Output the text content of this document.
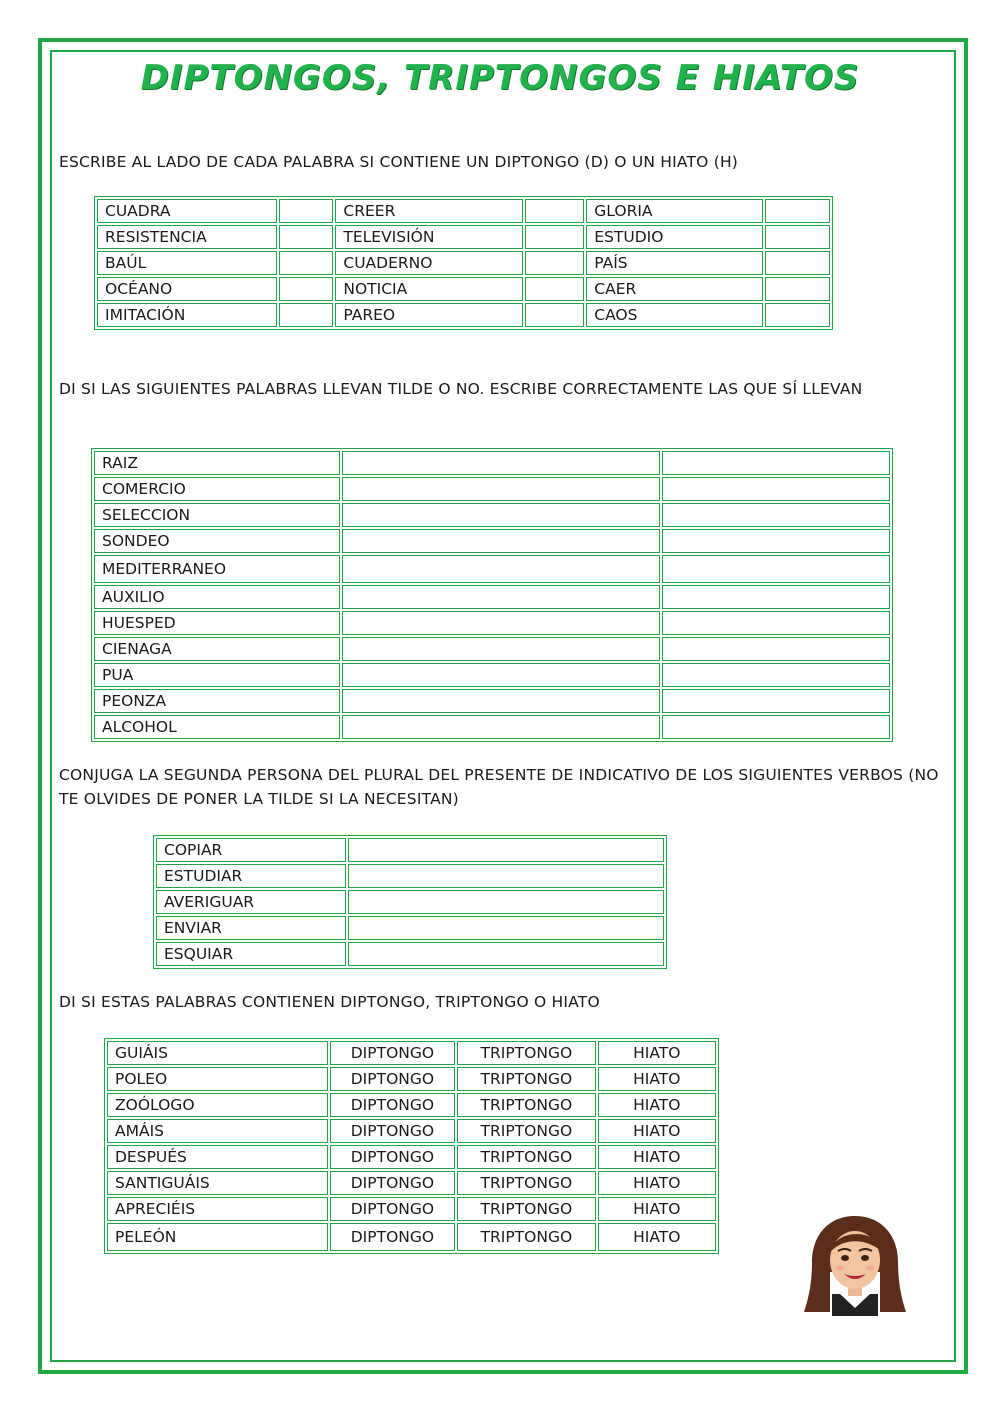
DIPTONGOS, TRIPTONGOS E HIATOS
ESCRIBE AL LADO DE CADA PALABRA SI CONTIENE UN DIPTONGO (D) O UN HIATO (H)
CUADRA		CREER		GLORIA	
RESISTENCIA		TELEVISIÓN		ESTUDIO	
BAÚL		CUADERNO		PAÍS	
OCÉANO		NOTICIA		CAER	
IMITACIÓN		PAREO		CAOS	
DI SI LAS SIGUIENTES PALABRAS LLEVAN TILDE O NO. ESCRIBE CORRECTAMENTE LAS QUE SÍ LLEVAN
RAIZ		
COMERCIO		
SELECCION		
SONDEO		
MEDITERRANEO		
AUXILIO		
HUESPED		
CIENAGA		
PUA		
PEONZA		
ALCOHOL		
CONJUGA LA SEGUNDA PERSONA DEL PLURAL DEL PRESENTE DE INDICATIVO DE LOS SIGUIENTES VERBOS (NO TE OLVIDES DE PONER LA TILDE SI LA NECESITAN)
COPIAR	
ESTUDIAR	
AVERIGUAR	
ENVIAR	
ESQUIAR	
DI SI ESTAS PALABRAS CONTIENEN DIPTONGO, TRIPTONGO O HIATO
GUIÁIS	DIPTONGO	TRIPTONGO	HIATO
POLEO	DIPTONGO	TRIPTONGO	HIATO
ZOÓLOGO	DIPTONGO	TRIPTONGO	HIATO
AMÁIS	DIPTONGO	TRIPTONGO	HIATO
DESPUÉS	DIPTONGO	TRIPTONGO	HIATO
SANTIGUÁIS	DIPTONGO	TRIPTONGO	HIATO
APRECIÉIS	DIPTONGO	TRIPTONGO	HIATO
PELEÓN	DIPTONGO	TRIPTONGO	HIATO
